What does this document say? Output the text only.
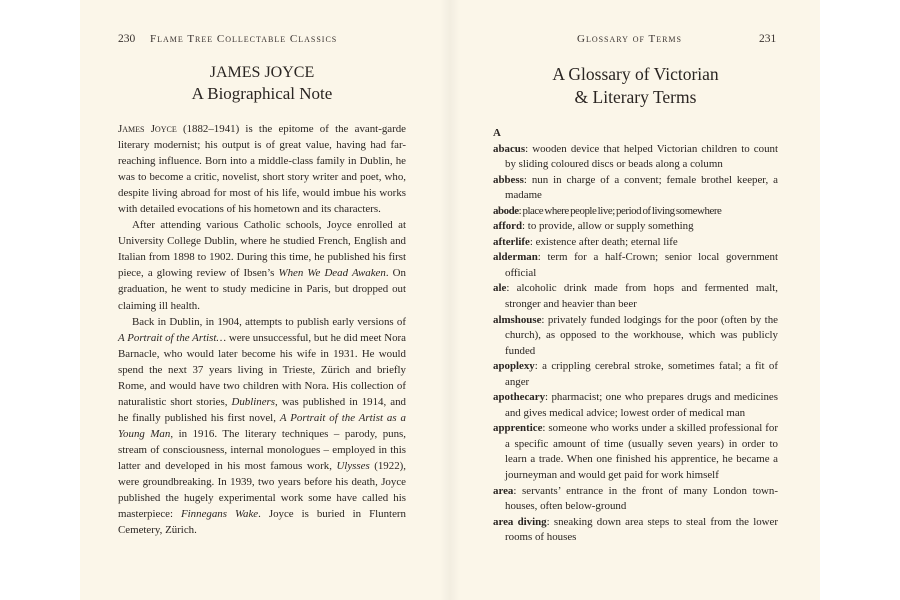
230 Flame Tree Collectable Classics	Glossary of Terms	231
JAMES JOYCE
A Biographical Note
A Glossary of Victorian
& Literary Terms

James Joyce (1882–1941) is the epitome of the avant-garde literary modernist; his output is of great value, having had far-reaching influence. Born into a middle-class family in Dublin, he was to become a critic, novelist, short story writer and poet, who, despite living abroad for most of his life, would imbue his works with detailed evocations of his hometown and its characters.

After attending various Catholic schools, Joyce enrolled at University College Dublin, where he studied French, English and Italian from 1898 to 1902. During this time, he published his first piece, a glowing review of Ibsen’s When We Dead Awaken. On graduation, he went to study medicine in Paris, but dropped out claiming ill health.

Back in Dublin, in 1904, attempts to publish early versions of A Portrait of the Artist… were unsuccessful, but he did meet Nora Barnacle, who would later become his wife in 1931. He would spend the next 37 years living in Trieste, Zürich and briefly Rome, and would have two children with Nora. His collection of naturalistic short stories, Dubliners, was published in 1914, and he finally published his first novel, A Portrait of the Artist as a Young Man, in 1916. The literary techniques – parody, puns, stream of consciousness, internal monologues – employed in this latter and developed in his most famous work, Ulysses (1922), were groundbreaking. In 1939, two years before his death, Joyce published the hugely experimental work some have called his masterpiece: Finnegans Wake. Joyce is buried in Fluntern Cemetery, Zürich.

A
abacus: wooden device that helped Victorian children to count by sliding coloured discs or beads along a column
abbess: nun in charge of a convent; female brothel keeper, a madame
abode: place where people live; period of living somewhere
afford: to provide, allow or supply something
afterlife: existence after death; eternal life
alderman: term for a half-Crown; senior local government official
ale: alcoholic drink made from hops and fermented malt, stronger and heavier than beer
almshouse: privately funded lodgings for the poor (often by the church), as opposed to the workhouse, which was publicly funded
apoplexy: a crippling cerebral stroke, sometimes fatal; a fit of anger
apothecary: pharmacist; one who prepares drugs and medicines and gives medical advice; lowest order of medical man
apprentice: someone who works under a skilled professional for a specific amount of time (usually seven years) in order to learn a trade. When one finished his apprentice, he became a journeyman and would get paid for work himself
area: servants’ entrance in the front of many London town-houses, often below-ground
area diving: sneaking down area steps to steal from the lower rooms of houses
